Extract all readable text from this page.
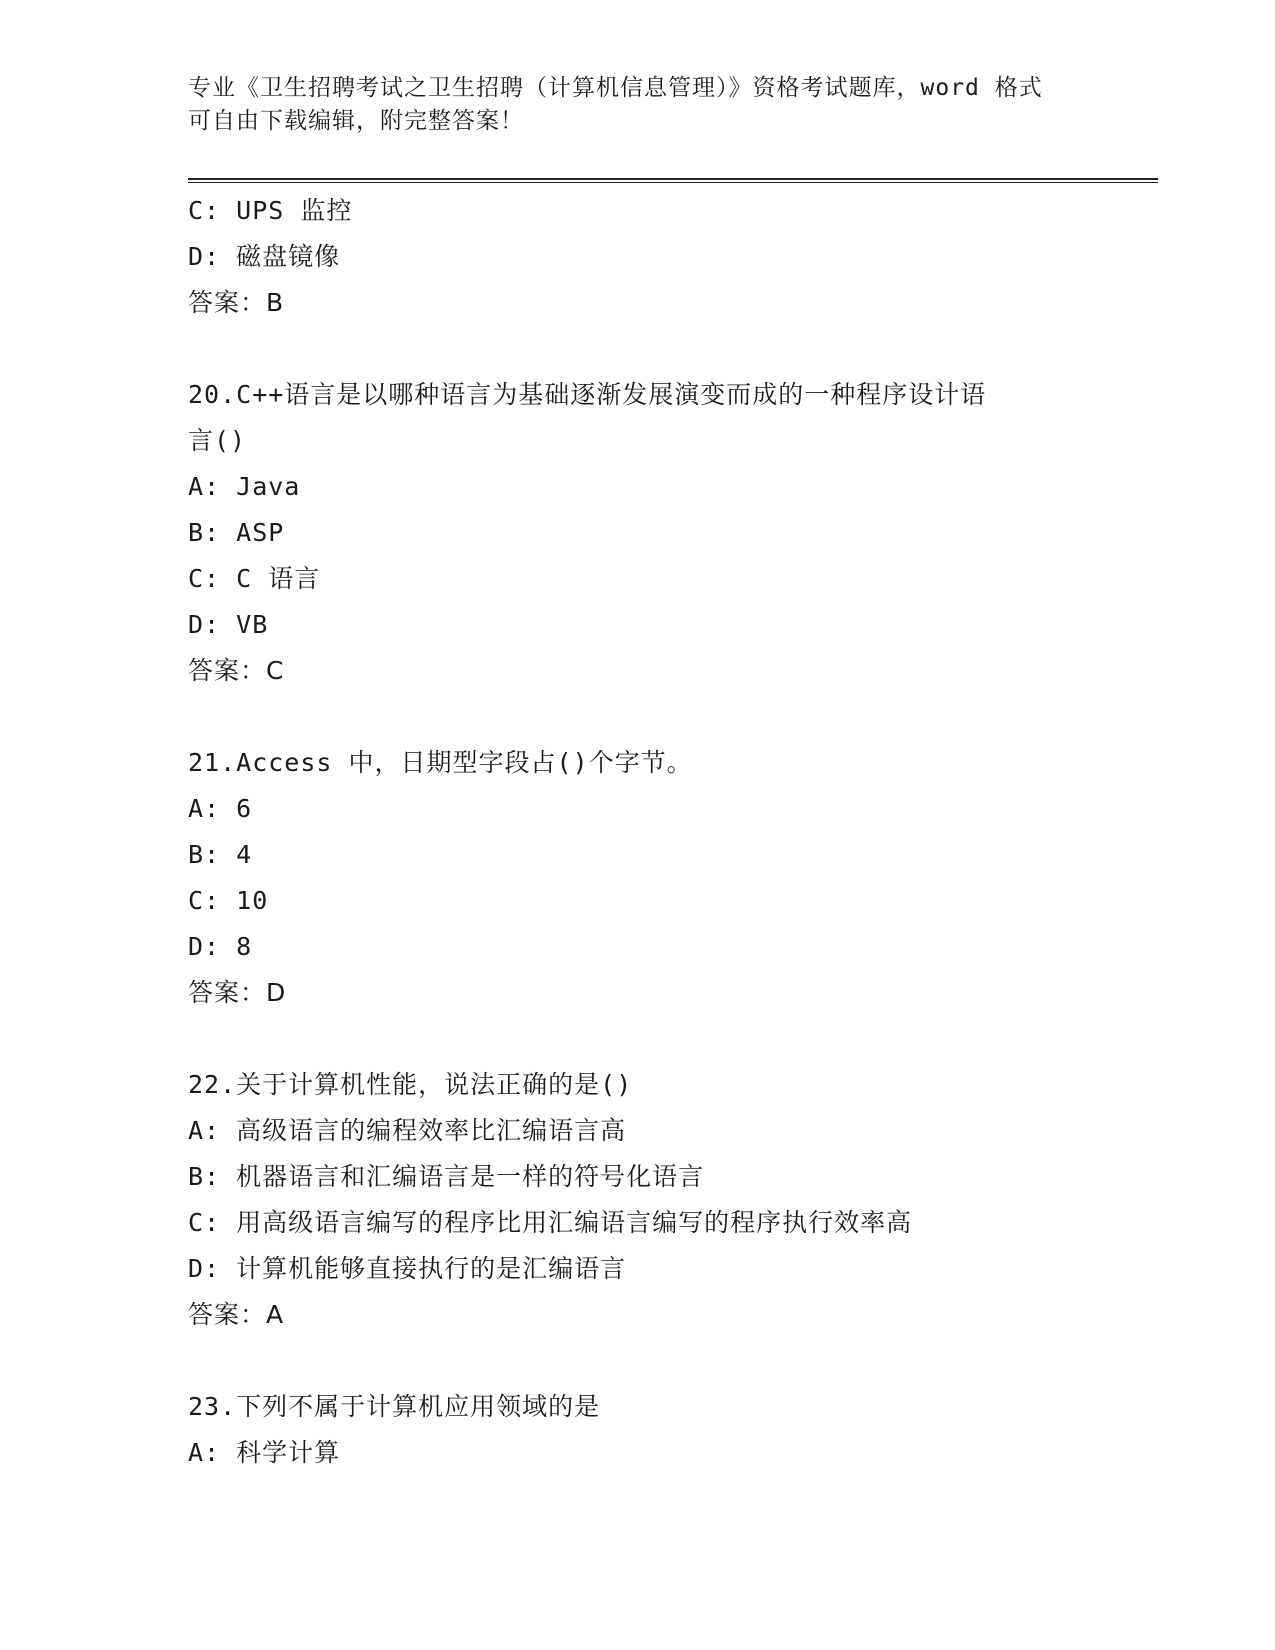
专业《卫生招聘考试之卫生招聘（计算机信息管理）》资格考试题库，word 格式
可自由下载编辑，附完整答案！
C: UPS 监控
D: 磁盘镜像
答案：B
20.C++语言是以哪种语言为基础逐渐发展演变而成的一种程序设计语
言()
A: Java
B: ASP
C: C 语言
D: VB
答案：C
21.Access 中，日期型字段占()个字节。
A: 6
B: 4
C: 10
D: 8
答案：D
22.关于计算机性能，说法正确的是()
A: 高级语言的编程效率比汇编语言高
B: 机器语言和汇编语言是一样的符号化语言
C: 用高级语言编写的程序比用汇编语言编写的程序执行效率高
D: 计算机能够直接执行的是汇编语言
答案：A
23.下列不属于计算机应用领域的是
A: 科学计算
